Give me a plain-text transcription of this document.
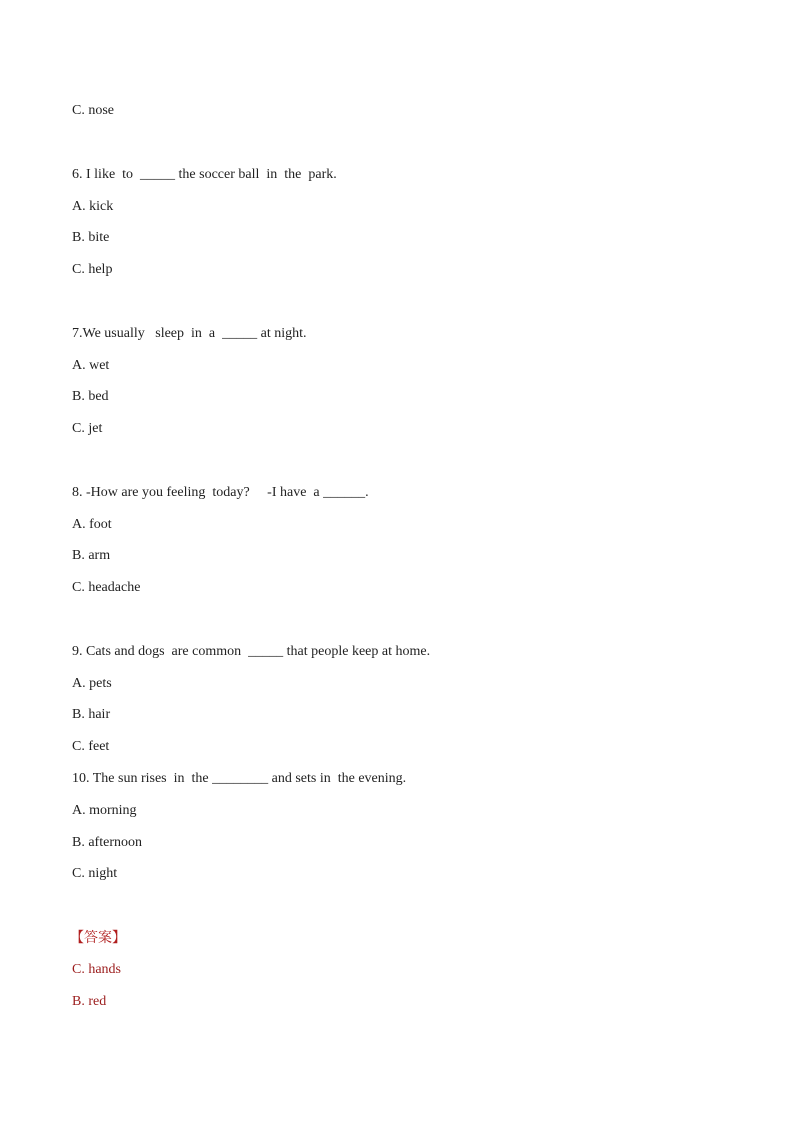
C. nose
6. I like  to  _____ the soccer ball  in  the  park.
A. kick
B. bite
C. help
7.We usually   sleep  in  a  _____ at night.
A. wet
B. bed
C. jet
8. -How are you feeling  today?     -I have  a ______.
A. foot
B. arm
C. headache
9. Cats and dogs  are common  _____ that people keep at home.
A. pets
B. hair
C. feet
10. The sun rises  in  the ________ and sets in  the evening.
A. morning
B. afternoon
C. night
【答案】
C. hands
B. red
